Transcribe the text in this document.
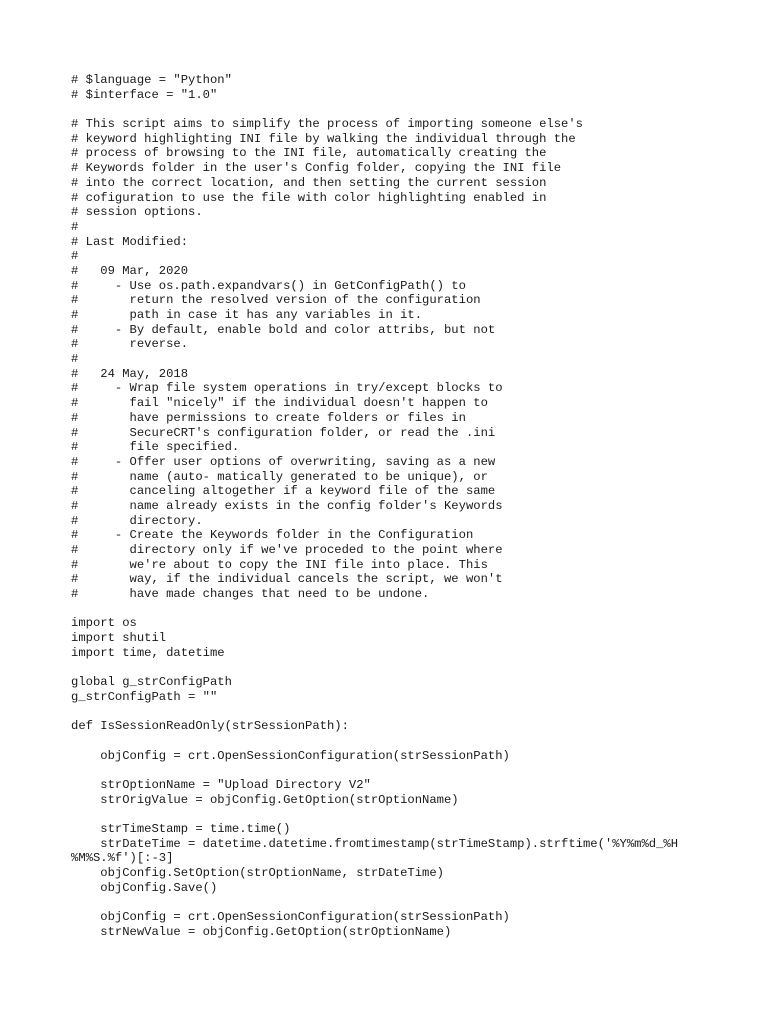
# $language = "Python"
# $interface = "1.0"
# This script aims to simplify the process of importing someone else's
# keyword highlighting INI file by walking the individual through the
# process of browsing to the INI file, automatically creating the
# Keywords folder in the user's Config folder, copying the INI file
# into the correct location, and then setting the current session
# cofiguration to use the file with color highlighting enabled in
# session options.
#
# Last Modified:
#
#   09 Mar, 2020
#     - Use os.path.expandvars() in GetConfigPath() to
#       return the resolved version of the configuration
#       path in case it has any variables in it.
#     - By default, enable bold and color attribs, but not
#       reverse.
#
#   24 May, 2018
#     - Wrap file system operations in try/except blocks to
#       fail "nicely" if the individual doesn't happen to
#       have permissions to create folders or files in
#       SecureCRT's configuration folder, or read the .ini
#       file specified.
#     - Offer user options of overwriting, saving as a new
#       name (auto- matically generated to be unique), or
#       canceling altogether if a keyword file of the same
#       name already exists in the config folder's Keywords
#       directory.
#     - Create the Keywords folder in the Configuration
#       directory only if we've proceded to the point where
#       we're about to copy the INI file into place. This
#       way, if the individual cancels the script, we won't
#       have made changes that need to be undone.
import os
import shutil
import time, datetime
global g_strConfigPath
g_strConfigPath = ""
def IsSessionReadOnly(strSessionPath):
objConfig = crt.OpenSessionConfiguration(strSessionPath)
strOptionName = "Upload Directory V2"
strOrigValue = objConfig.GetOption(strOptionName)
strTimeStamp = time.time()
strDateTime = datetime.datetime.fromtimestamp(strTimeStamp).strftime('%Y%m%d_%H
%M%S.%f')[:-3]
objConfig.SetOption(strOptionName, strDateTime)
objConfig.Save()
objConfig = crt.OpenSessionConfiguration(strSessionPath)
strNewValue = objConfig.GetOption(strOptionName)
